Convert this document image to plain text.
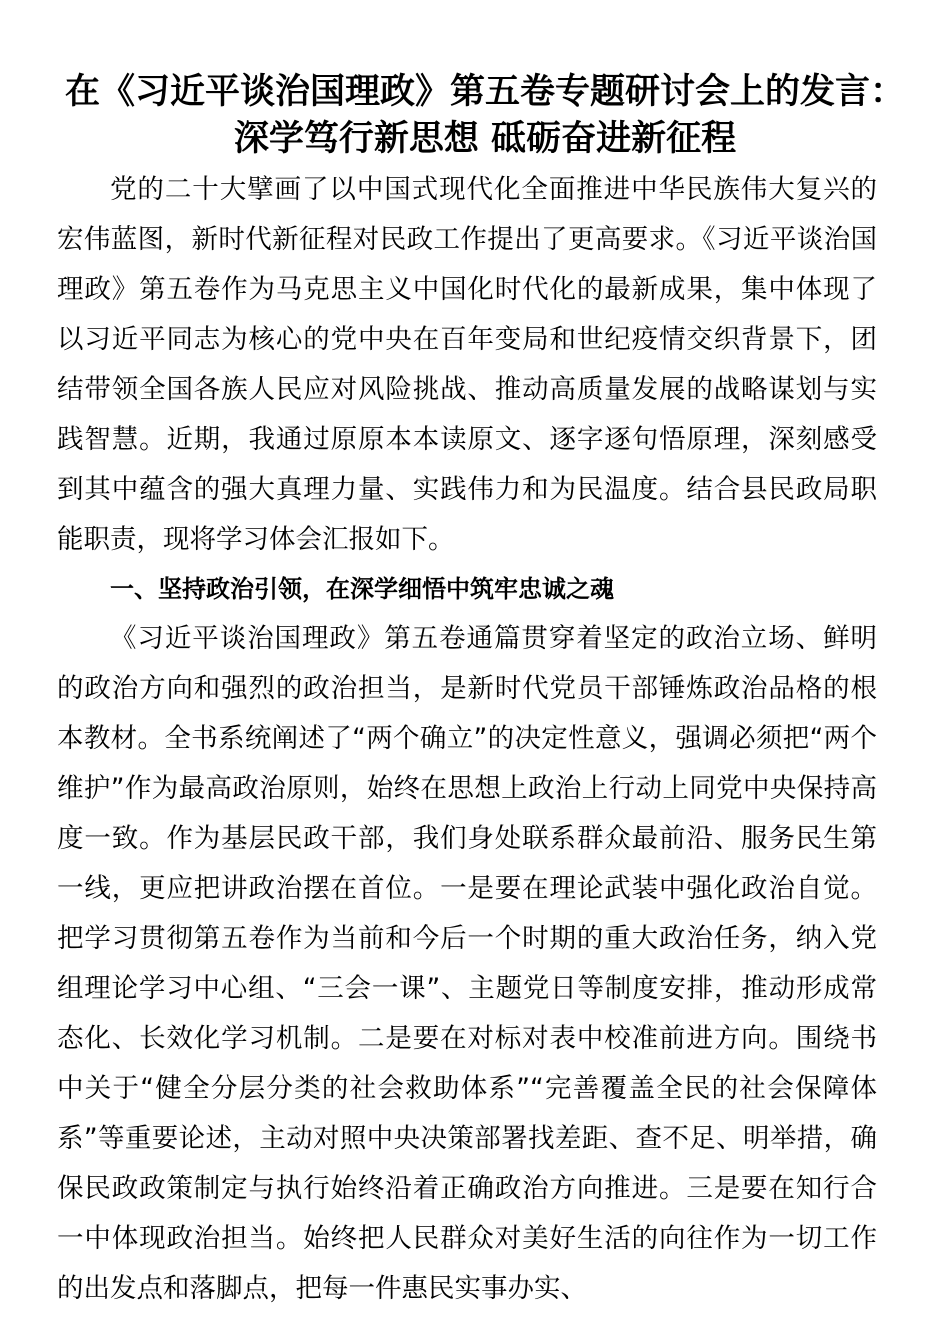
在《习近平谈治国理政》第五卷专题研讨会上的发言：
深学笃行新思想 砥砺奋进新征程

党的二十大擘画了以中国式现代化全面推进中华民族伟大复兴的宏伟蓝图，新时代新征程对民政工作提出了更高要求。《习近平谈治国理政》第五卷作为马克思主义中国化时代化的最新成果，集中体现了以习近平同志为核心的党中央在百年变局和世纪疫情交织背景下，团结带领全国各族人民应对风险挑战、推动高质量发展的战略谋划与实践智慧。近期，我通过原原本本读原文、逐字逐句悟原理，深刻感受到其中蕴含的强大真理力量、实践伟力和为民温度。结合县民政局职能职责，现将学习体会汇报如下。

一、坚持政治引领，在深学细悟中筑牢忠诚之魂

《习近平谈治国理政》第五卷通篇贯穿着坚定的政治立场、鲜明的政治方向和强烈的政治担当，是新时代党员干部锤炼政治品格的根本教材。全书系统阐述了“两个确立”的决定性意义，强调必须把“两个维护”作为最高政治原则，始终在思想上政治上行动上同党中央保持高度一致。作为基层民政干部，我们身处联系群众最前沿、服务民生第一线，更应把讲政治摆在首位。一是要在理论武装中强化政治自觉。把学习贯彻第五卷作为当前和今后一个时期的重大政治任务，纳入党组理论学习中心组、“三会一课”、主题党日等制度安排，推动形成常态化、长效化学习机制。二是要在对标对表中校准前进方向。围绕书中关于“健全分层分类的社会救助体系”“完善覆盖全民的社会保障体系”等重要论述，主动对照中央决策部署找差距、查不足、明举措，确保民政政策制定与执行始终沿着正确政治方向推进。三是要在知行合一中体现政治担当。始终把人民群众对美好生活的向往作为一切工作的出发点和落脚点，把每一件惠民实事办实、
